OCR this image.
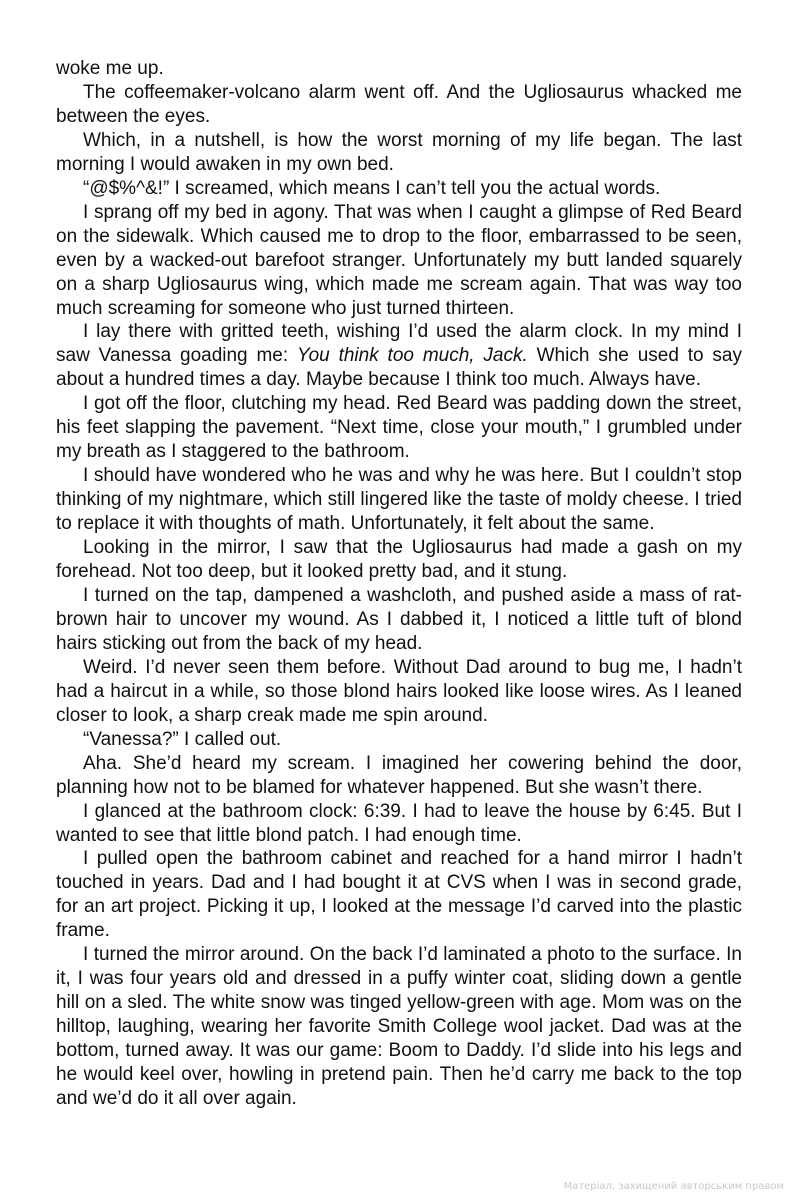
woke me up.

The coffeemaker-volcano alarm went off. And the Ugliosaurus whacked me between the eyes.

Which, in a nutshell, is how the worst morning of my life began. The last morning I would awaken in my own bed.

“@$%^&!” I screamed, which means I can’t tell you the actual words.

I sprang off my bed in agony. That was when I caught a glimpse of Red Beard on the sidewalk. Which caused me to drop to the floor, embarrassed to be seen, even by a wacked-out barefoot stranger. Unfortunately my butt landed squarely on a sharp Ugliosaurus wing, which made me scream again. That was way too much screaming for someone who just turned thirteen.

I lay there with gritted teeth, wishing I’d used the alarm clock. In my mind I saw Vanessa goading me: You think too much, Jack. Which she used to say about a hundred times a day. Maybe because I think too much. Always have.

I got off the floor, clutching my head. Red Beard was padding down the street, his feet slapping the pavement. “Next time, close your mouth,” I grumbled under my breath as I staggered to the bathroom.

I should have wondered who he was and why he was here. But I couldn’t stop thinking of my nightmare, which still lingered like the taste of moldy cheese. I tried to replace it with thoughts of math. Unfortunately, it felt about the same.

Looking in the mirror, I saw that the Ugliosaurus had made a gash on my forehead. Not too deep, but it looked pretty bad, and it stung.

I turned on the tap, dampened a washcloth, and pushed aside a mass of rat-brown hair to uncover my wound. As I dabbed it, I noticed a little tuft of blond hairs sticking out from the back of my head.

Weird. I’d never seen them before. Without Dad around to bug me, I hadn’t had a haircut in a while, so those blond hairs looked like loose wires. As I leaned closer to look, a sharp creak made me spin around.

“Vanessa?” I called out.

Aha. She’d heard my scream. I imagined her cowering behind the door, planning how not to be blamed for whatever happened. But she wasn’t there.

I glanced at the bathroom clock: 6:39. I had to leave the house by 6:45. But I wanted to see that little blond patch. I had enough time.

I pulled open the bathroom cabinet and reached for a hand mirror I hadn’t touched in years. Dad and I had bought it at CVS when I was in second grade, for an art project. Picking it up, I looked at the message I’d carved into the plastic frame.

I turned the mirror around. On the back I’d laminated a photo to the surface. In it, I was four years old and dressed in a puffy winter coat, sliding down a gentle hill on a sled. The white snow was tinged yellow-green with age. Mom was on the hilltop, laughing, wearing her favorite Smith College wool jacket. Dad was at the bottom, turned away. It was our game: Boom to Daddy. I’d slide into his legs and he would keel over, howling in pretend pain. Then he’d carry me back to the top and we’d do it all over again.

Матеріал, захищений авторським правом
